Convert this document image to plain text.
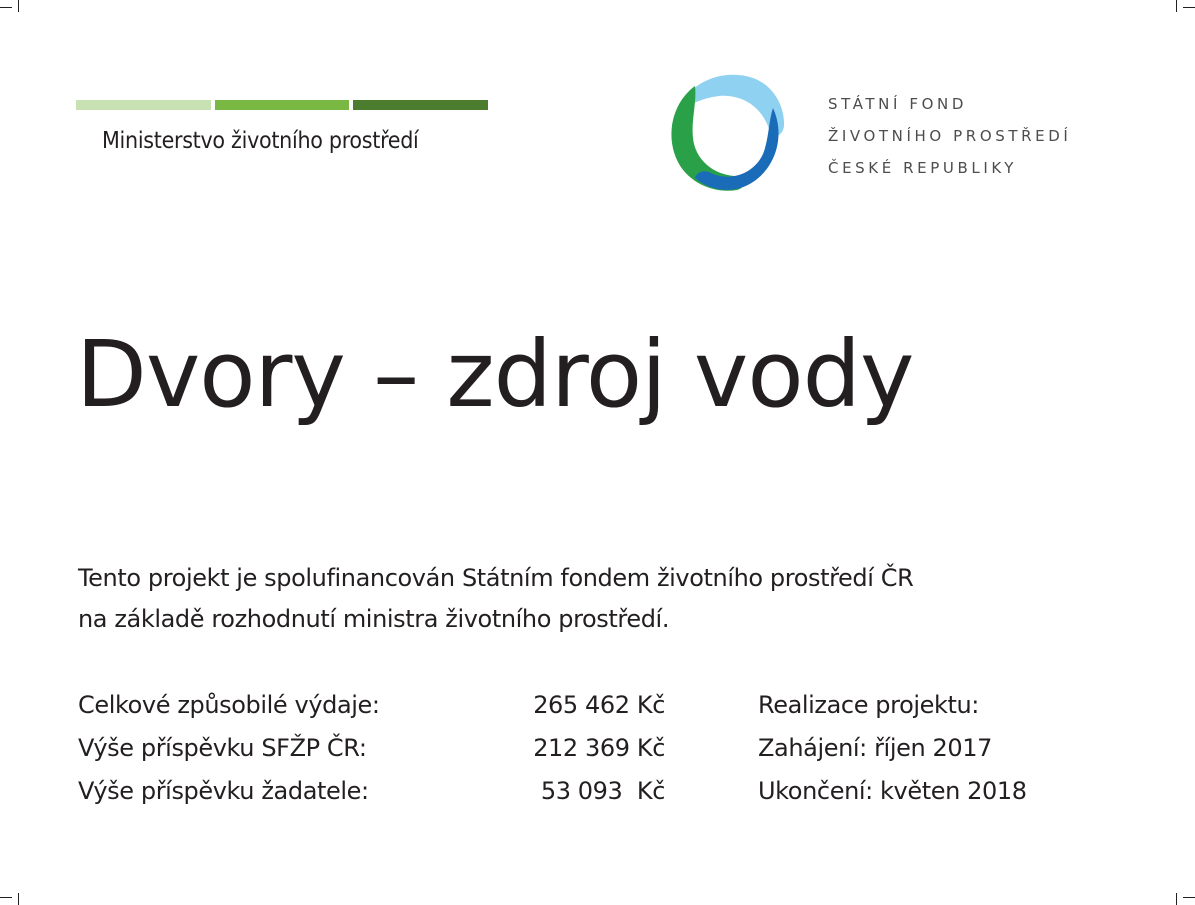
Ministerstvo životního prostředí
STÁTNÍ FOND
ŽIVOTNÍHO PROSTŘEDÍ
ČESKÉ REPUBLIKY
Dvory – zdroj vody
Tento projekt je spolufinancován Státním fondem životního prostředí ČR
na základě rozhodnutí ministra životního prostředí.
Celkové způsobilé výdaje:	265 462 Kč
Výše příspěvku SFŽP ČR:	212 369 Kč
Výše příspěvku žadatele:	53 093  Kč
Realizace projektu:
Zahájení: říjen 2017
Ukončení: květen 2018
